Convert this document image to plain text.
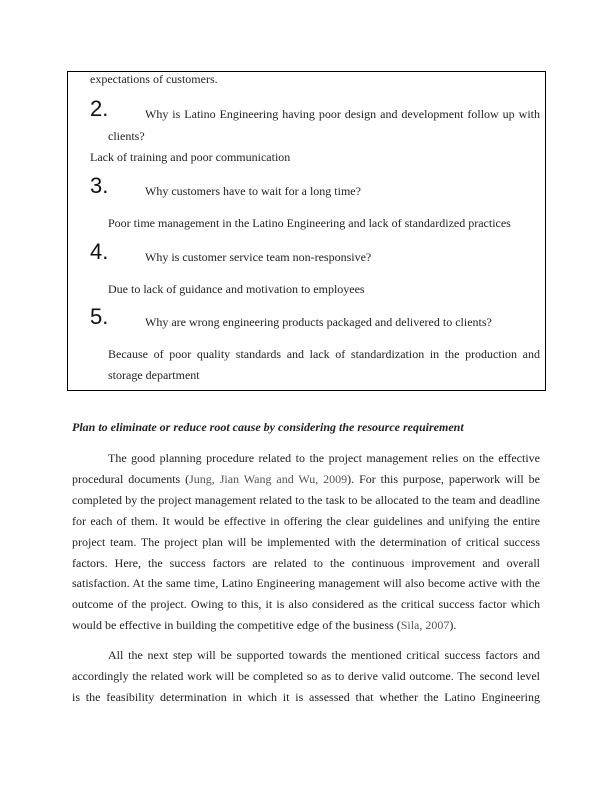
expectations of customers.
2.	Why is Latino Engineering having poor design and development follow up with
clients?
Lack of training and poor communication
3.	Why customers have to wait for a long time?
Poor time management in the Latino Engineering and lack of standardized practices
4.	Why is customer service team non-responsive?
Due to lack of guidance and motivation to employees
5.	Why are wrong engineering products packaged and delivered to clients?
Because of poor quality standards and lack of standardization in the production and
storage department
Plan to eliminate or reduce root cause by considering the resource requirement
The good planning procedure related to the project management relies on the effective
procedural documents (Jung, Jian Wang and Wu, 2009). For this purpose, paperwork will be
completed by the project management related to the task to be allocated to the team and deadline
for each of them. It would be effective in offering the clear guidelines and unifying the entire
project team. The project plan will be implemented with the determination of critical success
factors. Here, the success factors are related to the continuous improvement and overall
satisfaction. At the same time, Latino Engineering management will also become active with the
outcome of the project. Owing to this, it is also considered as the critical success factor which
would be effective in building the competitive edge of the business (Sila, 2007).
All the next step will be supported towards the mentioned critical success factors and
accordingly the related work will be completed so as to derive valid outcome. The second level
is the feasibility determination in which it is assessed that whether the Latino Engineering
